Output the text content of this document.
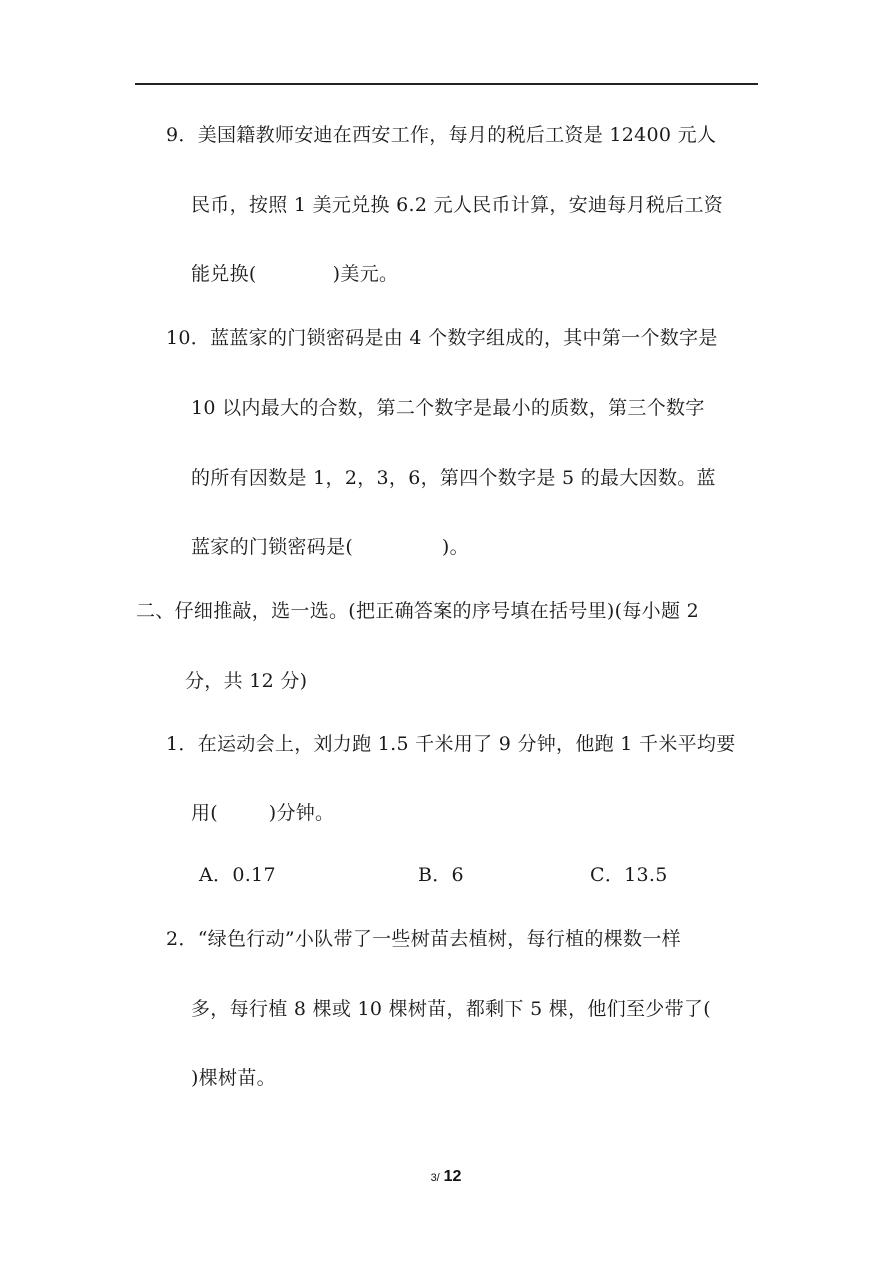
9．美国籍教师安迪在西安工作，每月的税后工资是 12400 元人
民币，按照 1 美元兑换 6.2 元人民币计算，安迪每月税后工资
能兑换(            )美元。
10．蓝蓝家的门锁密码是由 4 个数字组成的，其中第一个数字是
10 以内最大的合数，第二个数字是最小的质数，第三个数字
的所有因数是 1，2，3，6，第四个数字是 5 的最大因数。蓝
蓝家的门锁密码是(              )。
二、仔细推敲，选一选。(把正确答案的序号填在括号里)(每小题 2
分，共 12 分)
1．在运动会上，刘力跑 1.5 千米用了 9 分钟，他跑 1 千米平均要
用(        )分钟。
A．0.17	B．6	C．13.5
2．“绿色行动”小队带了一些树苗去植树，每行植的棵数一样
多，每行植 8 棵或 10 棵树苗，都剩下 5 棵，他们至少带了(
)棵树苗。
3/ 12
